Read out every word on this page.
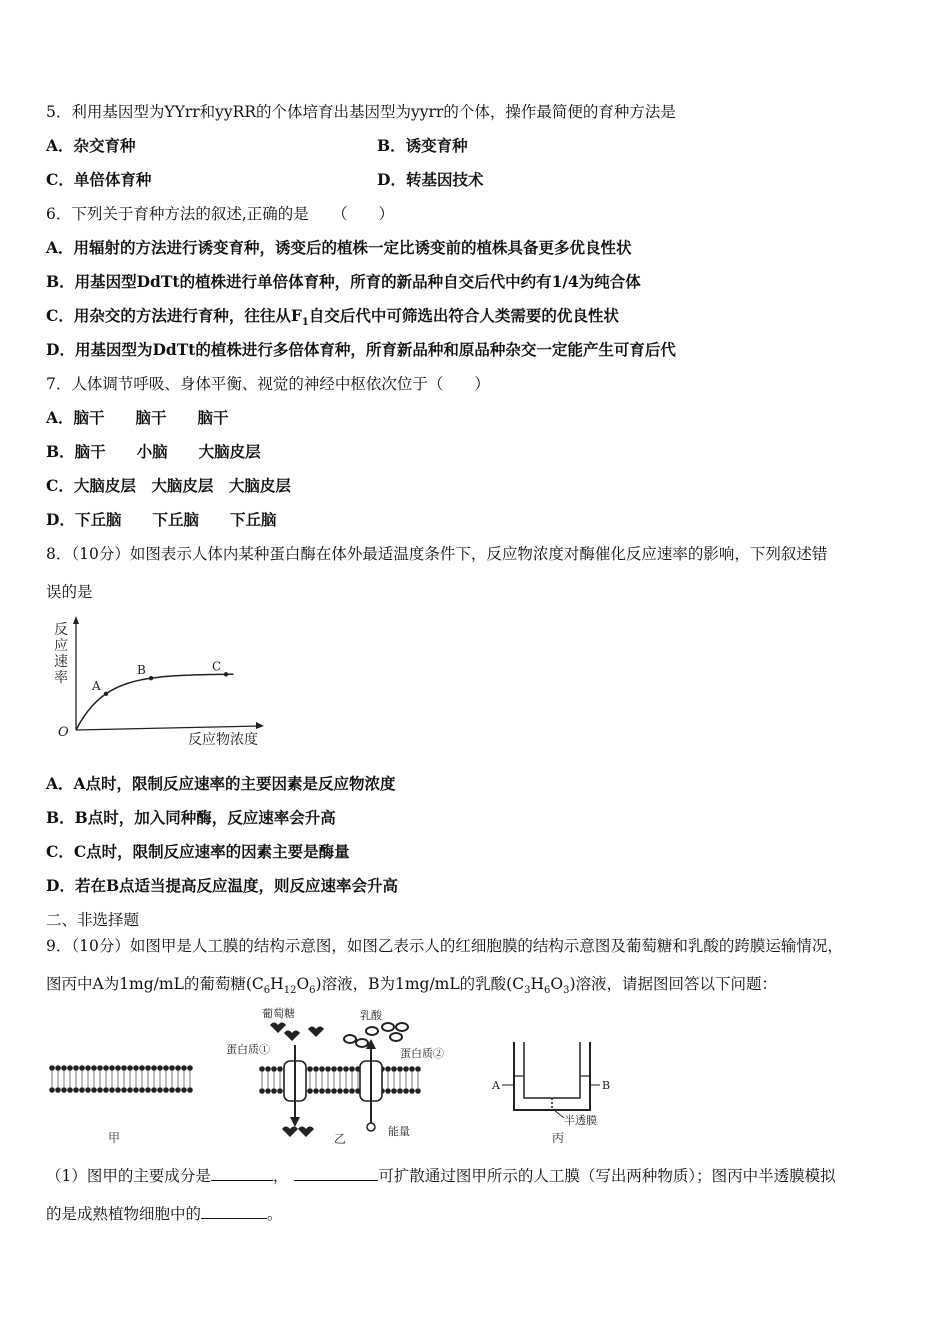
5．利用基因型为YYrr和yyRR的个体培育出基因型为yyrr的个体，操作最简便的育种方法是
A．杂交育种	B．诱变育种
C．单倍体育种	D．转基因技术
6．下列关于育种方法的叙述,正确的是　　（　　）
A．用辐射的方法进行诱变育种，诱变后的植株一定比诱变前的植株具备更多优良性状
B．用基因型DdTt的植株进行单倍体育种，所育的新品种自交后代中约有1/4为纯合体
C．用杂交的方法进行育种，往往从$F_1$自交后代中可筛选出符合人类需要的优良性状
D．用基因型为DdTt的植株进行多倍体育种，所育新品种和原品种杂交一定能产生可育后代
7．人体调节呼吸、身体平衡、视觉的神经中枢依次位于（　　）
A．脑干　　脑干　　脑干
B．脑干　　小脑　　大脑皮层
C．大脑皮层　大脑皮层　大脑皮层
D．下丘脑　　下丘脑　　下丘脑
8．（10分）如图表示人体内某种蛋白酶在体外最适温度条件下，反应物浓度对酶催化反应速率的影响，下列叙述错
误的是
反
应
速
率
O	反应物浓度
A
B	C
A．A点时，限制反应速率的主要因素是反应物浓度
B．B点时，加入同种酶，反应速率会升高
C．C点时，限制反应速率的因素主要是酶量
D．若在B点适当提高反应温度，则反应速率会升高
二、非选择题
9．（10分）如图甲是人工膜的结构示意图，如图乙表示人的红细胞膜的结构示意图及葡萄糖和乳酸的跨膜运输情况，
图丙中A为1mg/mL的葡萄糖$(C_6H_{12}O_6)$溶液，B为1mg/mL的乳酸$(C_3H_6O_3)$溶液，请据图回答以下问题：
甲
葡萄糖	乳酸
蛋白质①	蛋白质②
能量
乙
A	B
半透膜
丙
（1）图甲的主要成分是	，	可扩散通过图甲所示的人工膜（写出两种物质）；图丙中半透膜模拟
的是成熟植物细胞中的	。
